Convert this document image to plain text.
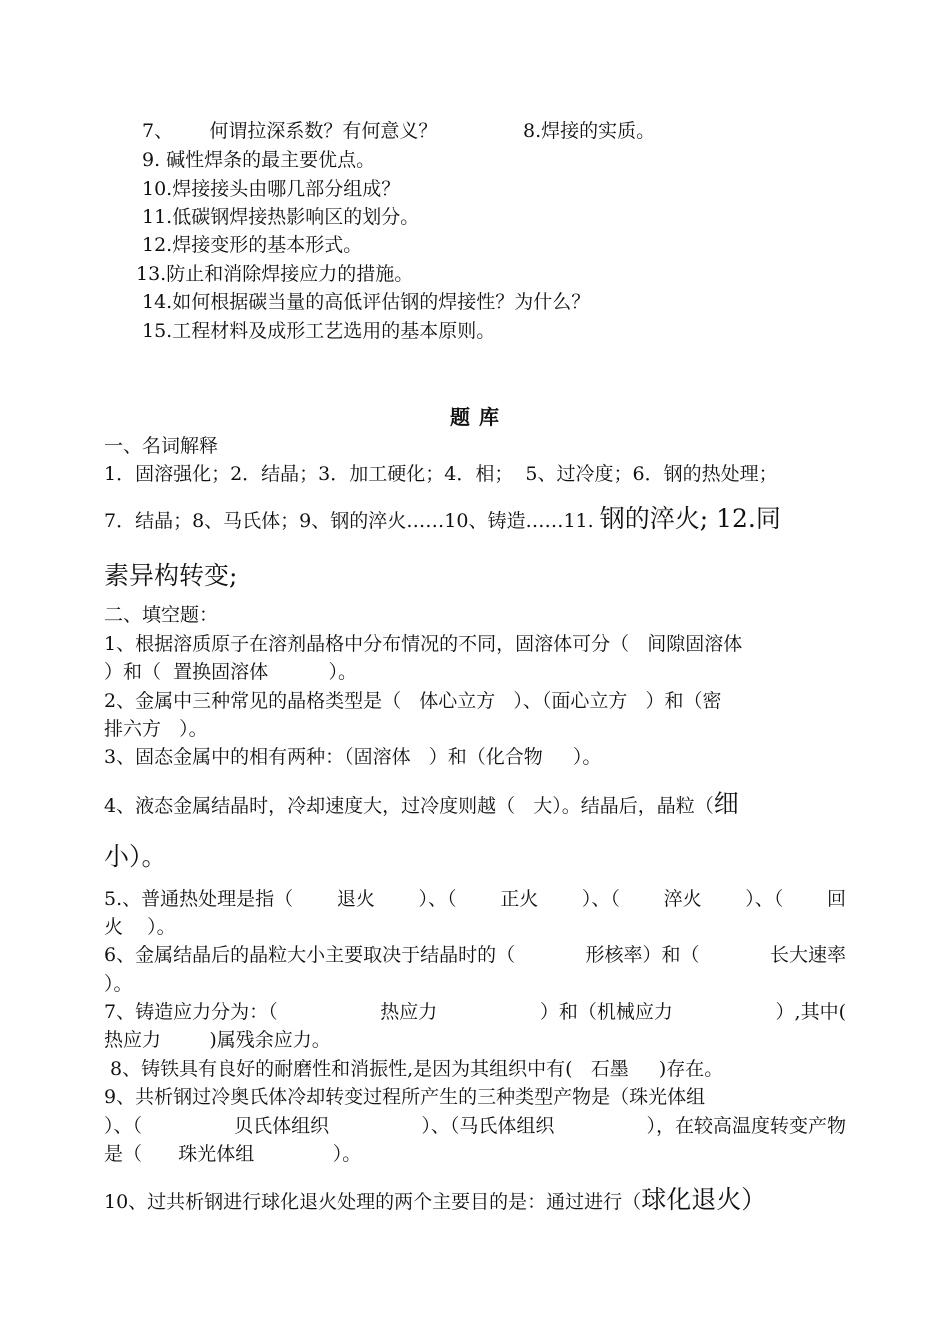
7、      何谓拉深系数？有何意义？	8.焊接的实质。
9. 碱性焊条的最主要优点。
10.焊接接头由哪几部分组成？
11.低碳钢焊接热影响区的划分。
12.焊接变形的基本形式。
13.防止和消除焊接应力的措施。
14.如何根据碳当量的高低评估钢的焊接性？为什么？
15.工程材料及成形工艺选用的基本原则。
题 库
一、名词解释
1．固溶强化；2．结晶；3．加工硬化；4．相；  5、过冷度；6．钢的热处理；
7．结晶；8、马氏体；9、钢的淬火……10、铸造……11. 钢的淬火; 12.同
素异构转变;
二、填空题：
1、根据溶质原子在溶剂晶格中分布情况的不同，固溶体可分（   间隙固溶体
）和（  置换固溶体          ）。
2、金属中三种常见的晶格类型是（   体心立方   ）、（面心立方   ）和（密
排六方   ）。
3、固态金属中的相有两种：（固溶体   ）和（化合物     ）。
4、液态金属结晶时，冷却速度大，过冷度则越（   大）。结晶后，晶粒（细
小）。
5.、普通热处理是指（ 退火 ）、（ 正火 ）、（ 淬火 ）、（ 回
火    ）。
6、金属结晶后的晶粒大小主要取决于结晶时的（	形核率）和（	长大速率
）。
7、铸造应力分为：（	热应力	）和（机械应力	）,其中(
热应力        )属残余应力。
8、铸铁具有良好的耐磨性和消振性,是因为其组织中有(   石墨     )存在。
9、共析钢过冷奥氏体冷却转变过程所产生的三种类型产物是（珠光体组
）、（	贝氏体组织	）、（马氏体组织	），在较高温度转变产物
是（      珠光体组             ）。
10、过共析钢进行球化退火处理的两个主要目的是：通过进行（球化退火）
